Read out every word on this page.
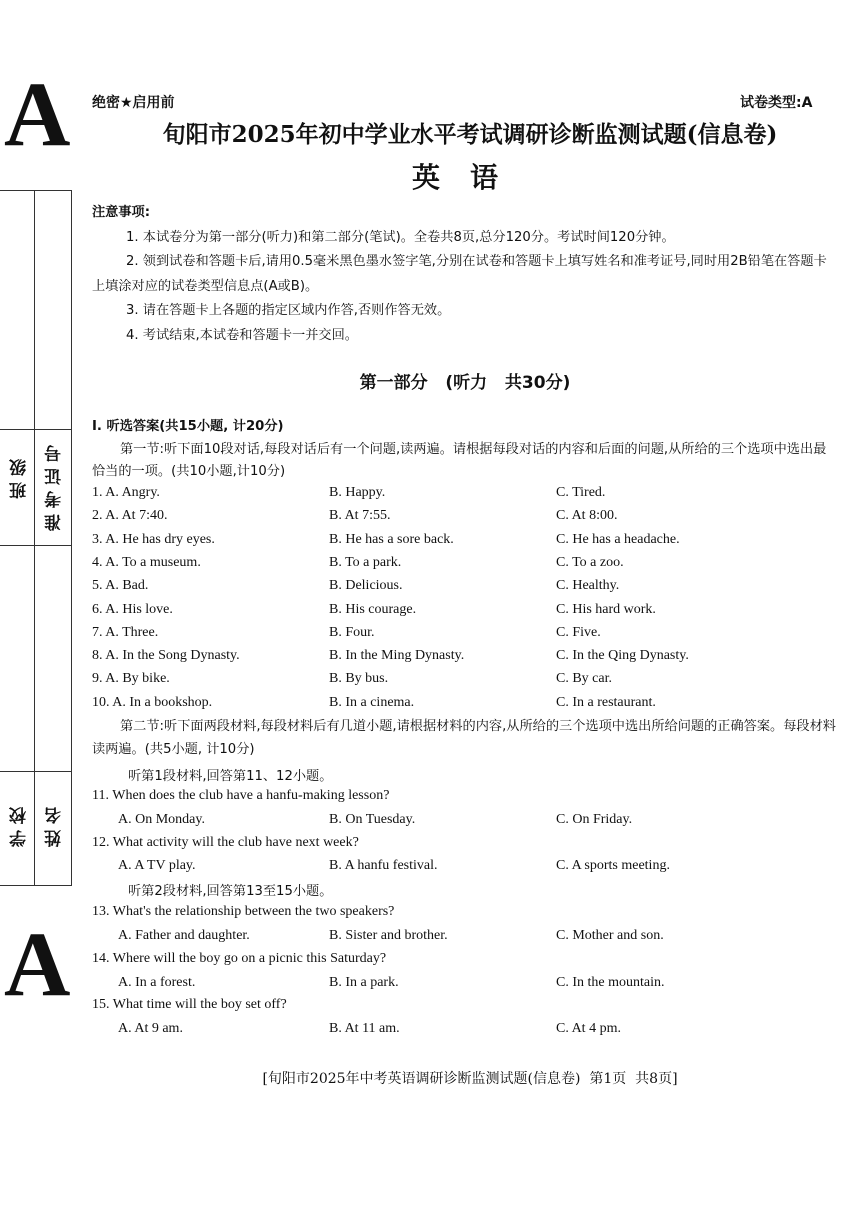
A
A
班级 准考证号
学校 姓名
绝密★启用前	试卷类型:A
旬阳市2025年初中学业水平考试调研诊断监测试题(信息卷)
英语
注意事项:
1. 本试卷分为第一部分(听力)和第二部分(笔试)。全卷共8页,总分120分。考试时间120分钟。
2. 领到试卷和答题卡后,请用0.5毫米黑色墨水签字笔,分别在试卷和答题卡上填写姓名和准考证号,同时用2B铅笔在答题卡上填涂对应的试卷类型信息点(A或B)。
3. 请在答题卡上各题的指定区域内作答,否则作答无效。
4. 考试结束,本试卷和答题卡一并交回。
第一部分   (听力   共30分)
Ⅰ. 听选答案(共15小题, 计20分)
第一节:听下面10段对话,每段对话后有一个问题,读两遍。请根据每段对话的内容和后面的问题,从所给的三个选项中选出最恰当的一项。(共10小题,计10分)
1. A. Angry.	B. Happy.	C. Tired.
2. A. At 7:40.	B. At 7:55.	C. At 8:00.
3. A. He has dry eyes.	B. He has a sore back.	C. He has a headache.
4. A. To a museum.	B. To a park.	C. To a zoo.
5. A. Bad.	B. Delicious.	C. Healthy.
6. A. His love.	B. His courage.	C. His hard work.
7. A. Three.	B. Four.	C. Five.
8. A. In the Song Dynasty.	B. In the Ming Dynasty.	C. In the Qing Dynasty.
9. A. By bike.	B. By bus.	C. By car.
10. A. In a bookshop.	B. In a cinema.	C. In a restaurant.
第二节:听下面两段材料,每段材料后有几道小题,请根据材料的内容,从所给的三个选项中选出所给问题的正确答案。每段材料读两遍。(共5小题, 计10分)
听第1段材料,回答第11、12小题。
11. When does the club have a hanfu-making lesson?
A. On Monday.	B. On Tuesday.	C. On Friday.
12. What activity will the club have next week?
A. A TV play.	B. A hanfu festival.	C. A sports meeting.
听第2段材料,回答第13至15小题。
13. What's the relationship between the two speakers?
A. Father and daughter.	B. Sister and brother.	C. Mother and son.
14. Where will the boy go on a picnic this Saturday?
A. In a forest.	B. In a park.	C. In the mountain.
15. What time will the boy set off?
A. At 9 am.	B. At 11 am.	C. At 4 pm.
[旬阳市2025年中考英语调研诊断监测试题(信息卷)  第1页  共8页]
